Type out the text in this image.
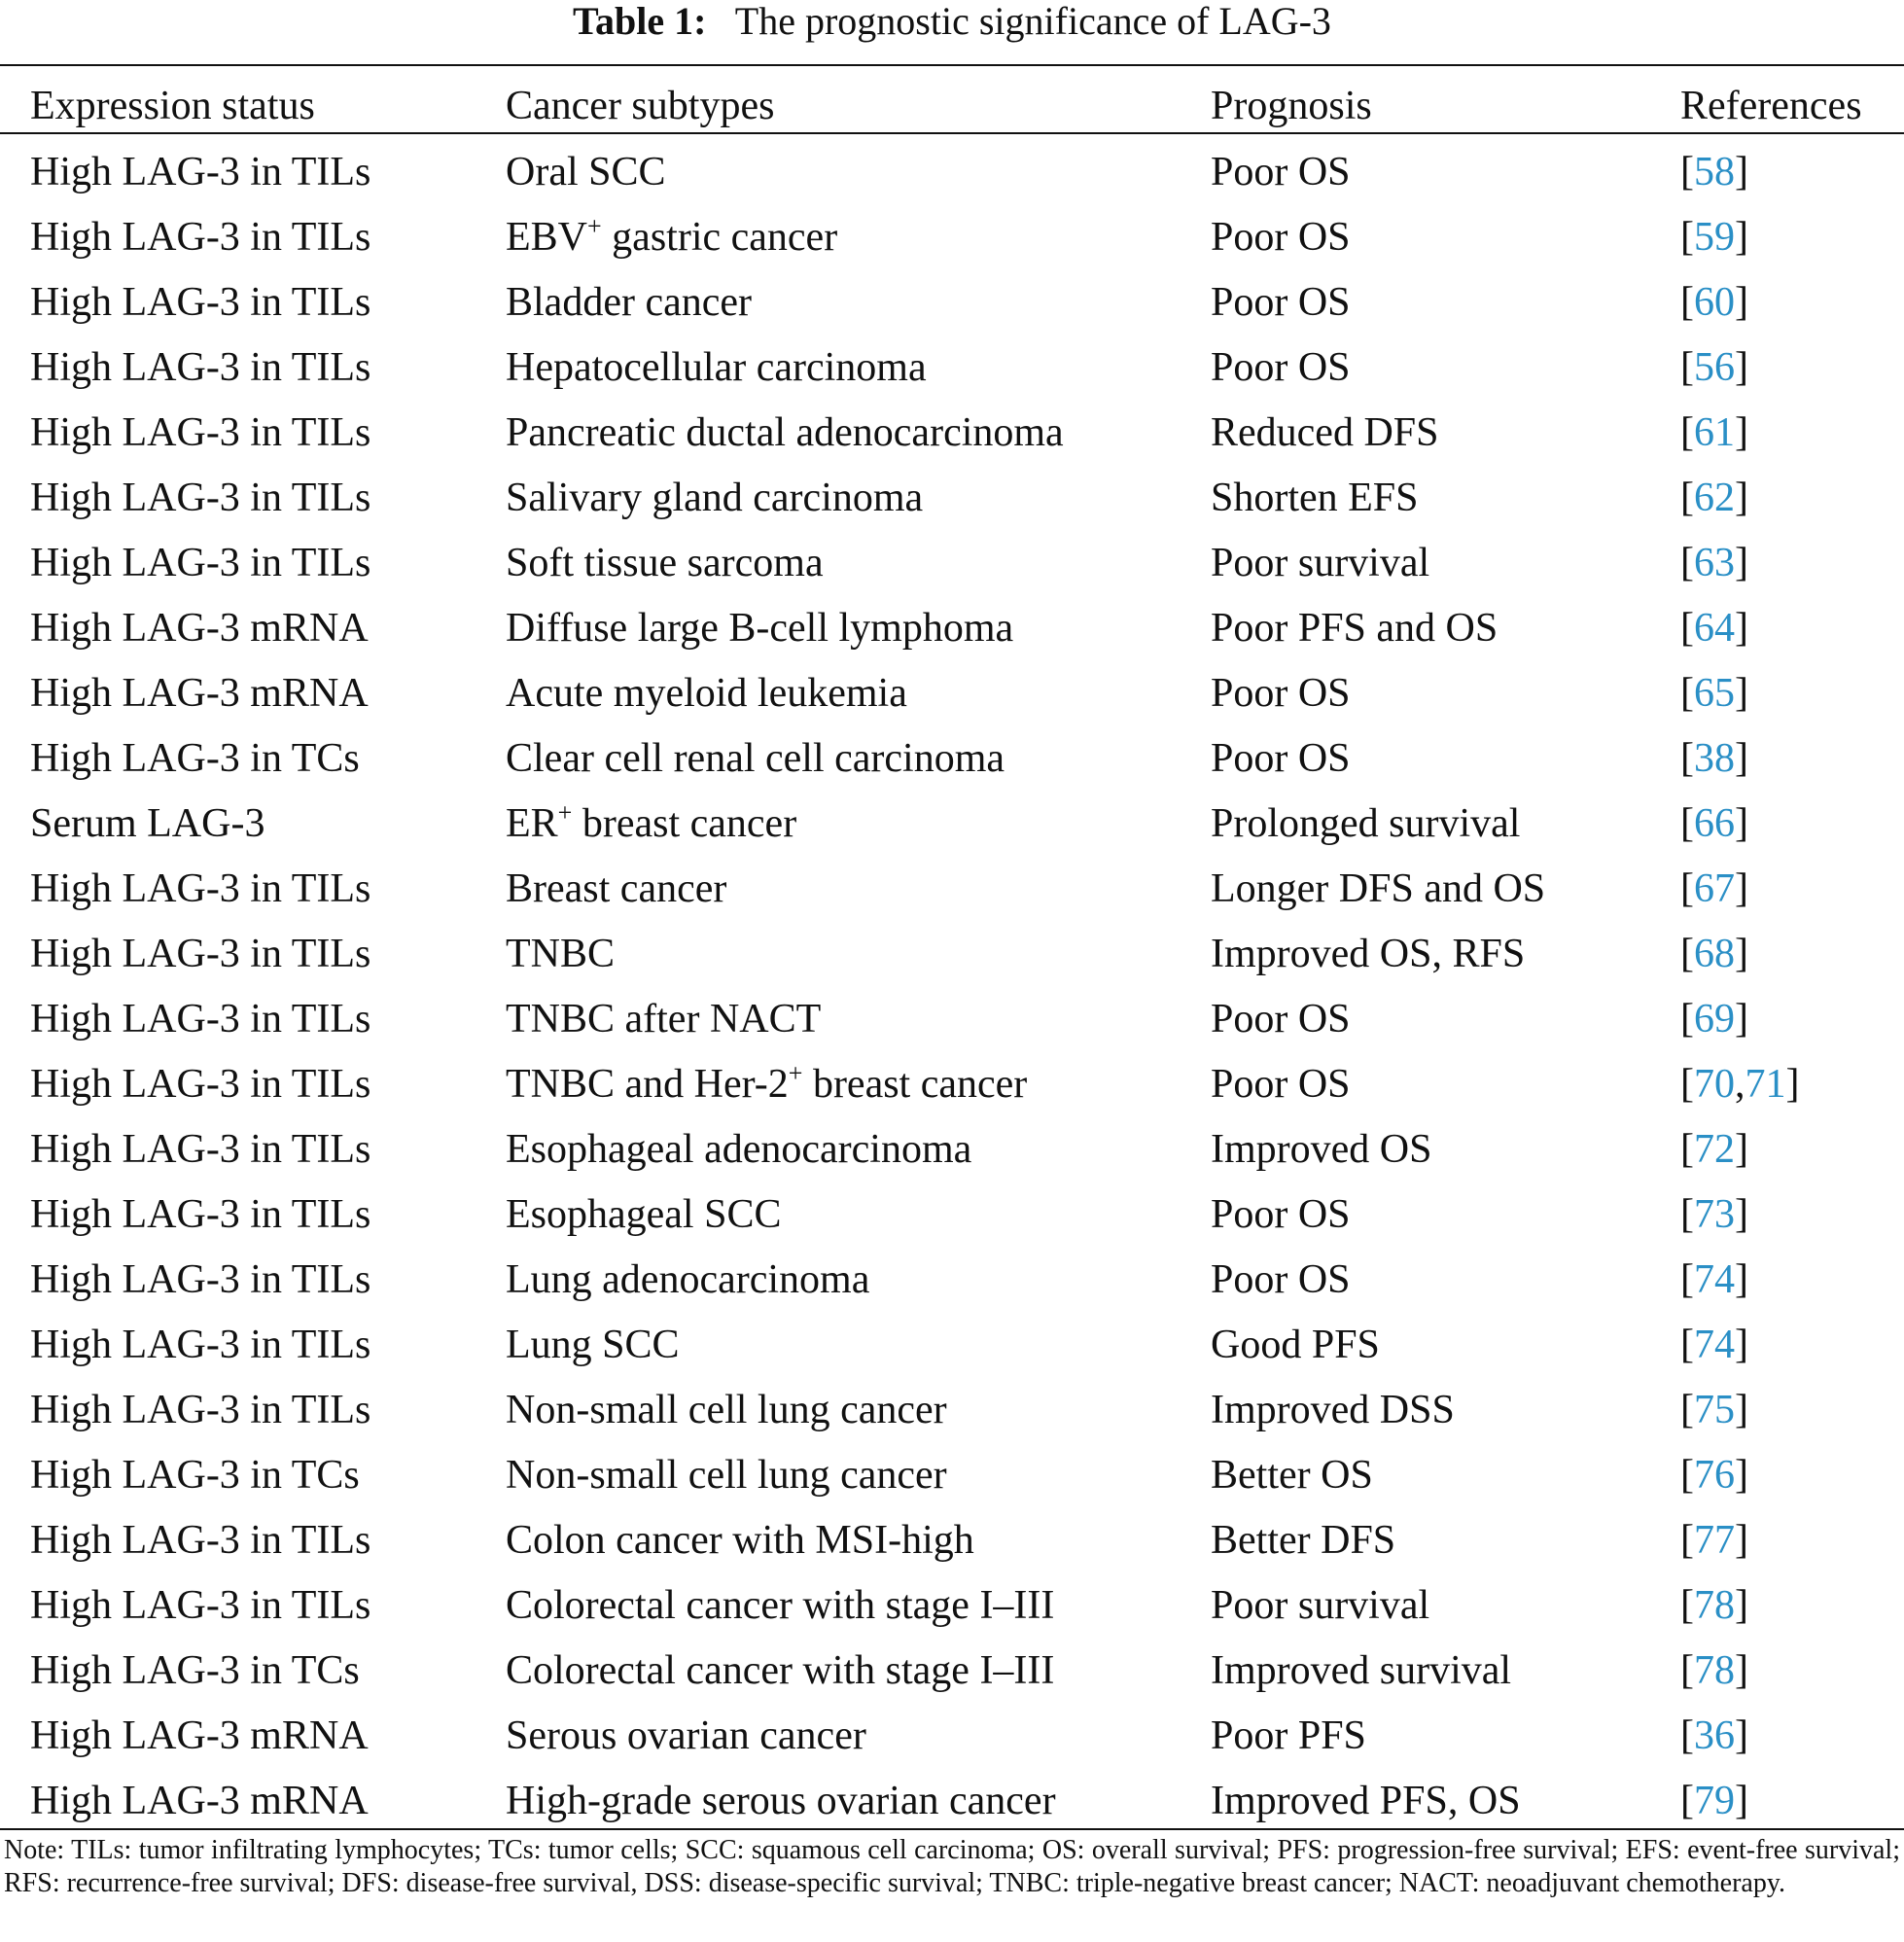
Table 1: The prognostic significance of LAG-3
Expression status	Cancer subtypes	Prognosis	References
High LAG-3 in TILs	Oral SCC	Poor OS	[58]
High LAG-3 in TILs	EBV+ gastric cancer	Poor OS	[59]
High LAG-3 in TILs	Bladder cancer	Poor OS	[60]
High LAG-3 in TILs	Hepatocellular carcinoma	Poor OS	[56]
High LAG-3 in TILs	Pancreatic ductal adenocarcinoma	Reduced DFS	[61]
High LAG-3 in TILs	Salivary gland carcinoma	Shorten EFS	[62]
High LAG-3 in TILs	Soft tissue sarcoma	Poor survival	[63]
High LAG-3 mRNA	Diffuse large B-cell lymphoma	Poor PFS and OS	[64]
High LAG-3 mRNA	Acute myeloid leukemia	Poor OS	[65]
High LAG-3 in TCs	Clear cell renal cell carcinoma	Poor OS	[38]
Serum LAG-3	ER+ breast cancer	Prolonged survival	[66]
High LAG-3 in TILs	Breast cancer	Longer DFS and OS	[67]
High LAG-3 in TILs	TNBC	Improved OS, RFS	[68]
High LAG-3 in TILs	TNBC after NACT	Poor OS	[69]
High LAG-3 in TILs	TNBC and Her-2+ breast cancer	Poor OS	[70,71]
High LAG-3 in TILs	Esophageal adenocarcinoma	Improved OS	[72]
High LAG-3 in TILs	Esophageal SCC	Poor OS	[73]
High LAG-3 in TILs	Lung adenocarcinoma	Poor OS	[74]
High LAG-3 in TILs	Lung SCC	Good PFS	[74]
High LAG-3 in TILs	Non-small cell lung cancer	Improved DSS	[75]
High LAG-3 in TCs	Non-small cell lung cancer	Better OS	[76]
High LAG-3 in TILs	Colon cancer with MSI-high	Better DFS	[77]
High LAG-3 in TILs	Colorectal cancer with stage I–III	Poor survival	[78]
High LAG-3 in TCs	Colorectal cancer with stage I–III	Improved survival	[78]
High LAG-3 mRNA	Serous ovarian cancer	Poor PFS	[36]
High LAG-3 mRNA	High-grade serous ovarian cancer	Improved PFS, OS	[79]
Note: TILs: tumor infiltrating lymphocytes; TCs: tumor cells; SCC: squamous cell carcinoma; OS: overall survival; PFS: progression-free survival; EFS: event-free survival; RFS: recurrence-free survival; DFS: disease-free survival, DSS: disease-specific survival; TNBC: triple-negative breast cancer; NACT: neoadjuvant chemotherapy.
